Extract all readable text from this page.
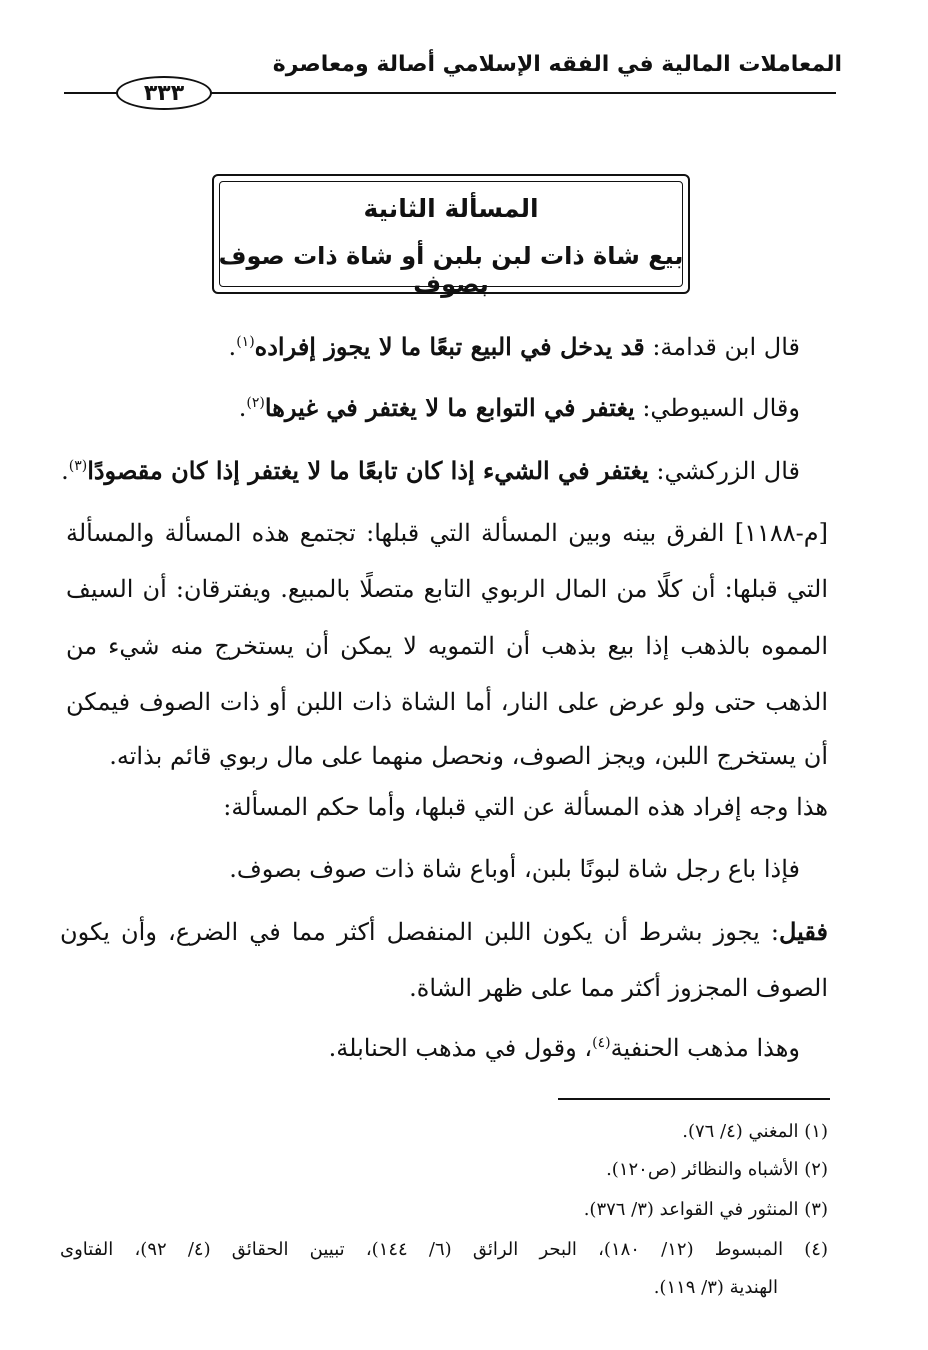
المعاملات المالية في الفقه الإسلامي أصالة ومعاصرة
٣٣٣
المسألة الثانية
بيع شاة ذات لبن بلبن أو شاة ذات صوف بصوف
قال ابن قدامة: قد يدخل في البيع تبعًا ما لا يجوز إفراده$^{(١)}$.
وقال السيوطي: يغتفر في التوابع ما لا يغتفر في غيرها$^{(٢)}$.
قال الزركشي: يغتفر في الشيء إذا كان تابعًا ما لا يغتفر إذا كان مقصودًا$^{(٣)}$.
[م-١١٨٨] الفرق بينه وبين المسألة التي قبلها: تجتمع هذه المسألة والمسألة
التي قبلها: أن كلًا من المال الربوي التابع متصلًا بالمبيع. ويفترقان: أن السيف
المموه بالذهب إذا بيع بذهب أن التمويه لا يمكن أن يستخرج منه شيء من
الذهب حتى ولو عرض على النار، أما الشاة ذات اللبن أو ذات الصوف فيمكن
أن يستخرج اللبن، ويجز الصوف، ونحصل منهما على مال ربوي قائم بذاته.
هذا وجه إفراد هذه المسألة عن التي قبلها، وأما حكم المسألة:
فإذا باع رجل شاة لبونًا بلبن، أوباع شاة ذات صوف بصوف.
فقيل: يجوز بشرط أن يكون اللبن المنفصل أكثر مما في الضرع، وأن يكون
الصوف المجزوز أكثر مما على ظهر الشاة.
وهذا مذهب الحنفية$^{(٤)}$، وقول في مذهب الحنابلة.
(١) المغني (٤/ ٧٦).
(٢) الأشباه والنظائر (ص١٢٠).
(٣) المنثور في القواعد (٣/ ٣٧٦).
(٤) المبسوط (١٢/ ١٨٠)، البحر الرائق (٦/ ١٤٤)، تبيين الحقائق (٤/ ٩٢)، الفتاوى
الهندية (٣/ ١١٩).
